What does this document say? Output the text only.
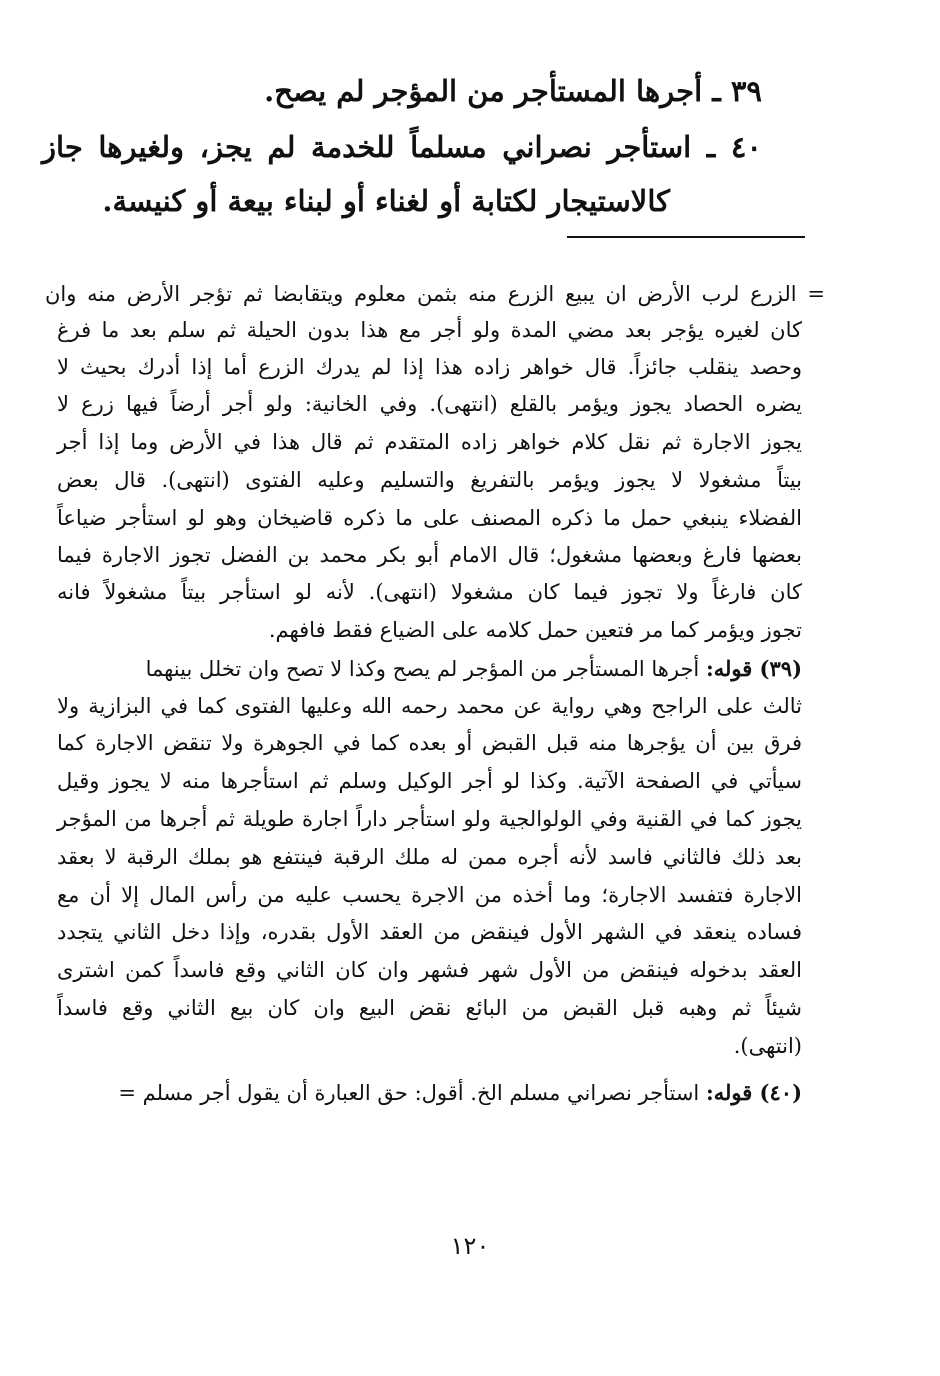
٣٩ ـ أجرها المستأجر من المؤجر لم يصح.
٤٠ ـ استأجر نصراني مسلماً للخدمة لم يجز، ولغيرها جاز
كالاستيجار لكتابة أو لغناء أو لبناء بيعة أو كنيسة.
= الزرع لرب الأرض ان يبيع الزرع منه بثمن معلوم ويتقابضا ثم تؤجر الأرض منه وان
كان لغيره يؤجر بعد مضي المدة ولو أجر مع هذا بدون الحيلة ثم سلم بعد ما فرغ
وحصد ينقلب جائزاً. قال خواهر زاده هذا إذا لم يدرك الزرع أما إذا أدرك بحيث لا
يضره الحصاد يجوز ويؤمر بالقلع (انتهى). وفي الخانية: ولو أجر أرضاً فيها زرع لا
يجوز الاجارة ثم نقل كلام خواهر زاده المتقدم ثم قال هذا في الأرض وما إذا أجر
بيتاً مشغولا لا يجوز ويؤمر بالتفريغ والتسليم وعليه الفتوى (انتهى). قال بعض
الفضلاء ينبغي حمل ما ذكره المصنف على ما ذكره قاضيخان وهو لو استأجر ضياعاً
بعضها فارغ وبعضها مشغول؛ قال الامام أبو بكر محمد بن الفضل تجوز الاجارة فيما
كان فارغاً ولا تجوز فيما كان مشغولا (انتهى). لأنه لو استأجر بيتاً مشغولاً فانه
تجوز ويؤمر كما مر فتعين حمل كلامه على الضياع فقط فافهم.
(٣٩) قوله: أجرها المستأجر من المؤجر لم يصح وكذا لا تصح وان تخلل بينهما
ثالث على الراجح وهي رواية عن محمد رحمه الله وعليها الفتوى كما في البزازية ولا
فرق بين أن يؤجرها منه قبل القبض أو بعده كما في الجوهرة ولا تنقض الاجارة كما
سيأتي في الصفحة الآتية. وكذا لو أجر الوكيل وسلم ثم استأجرها منه لا يجوز وقيل
يجوز كما في القنية وفي الولوالجية ولو استأجر داراً اجارة طويلة ثم أجرها من المؤجر
بعد ذلك فالثاني فاسد لأنه أجره ممن له ملك الرقبة فينتفع هو بملك الرقبة لا بعقد
الاجارة فتفسد الاجارة؛ وما أخذه من الاجرة يحسب عليه من رأس المال إلا أن مع
فساده ينعقد في الشهر الأول فينقض من العقد الأول بقدره، وإذا دخل الثاني يتجدد
العقد بدخوله فينقض من الأول شهر فشهر وان كان الثاني وقع فاسداً كمن اشترى
شيئاً ثم وهبه قبل القبض من البائع نقض البيع وان كان بيع الثاني وقع فاسداً
(انتهى).
(٤٠) قوله: استأجر نصراني مسلم الخ. أقول: حق العبارة أن يقول أجر مسلم =
١٢٠
